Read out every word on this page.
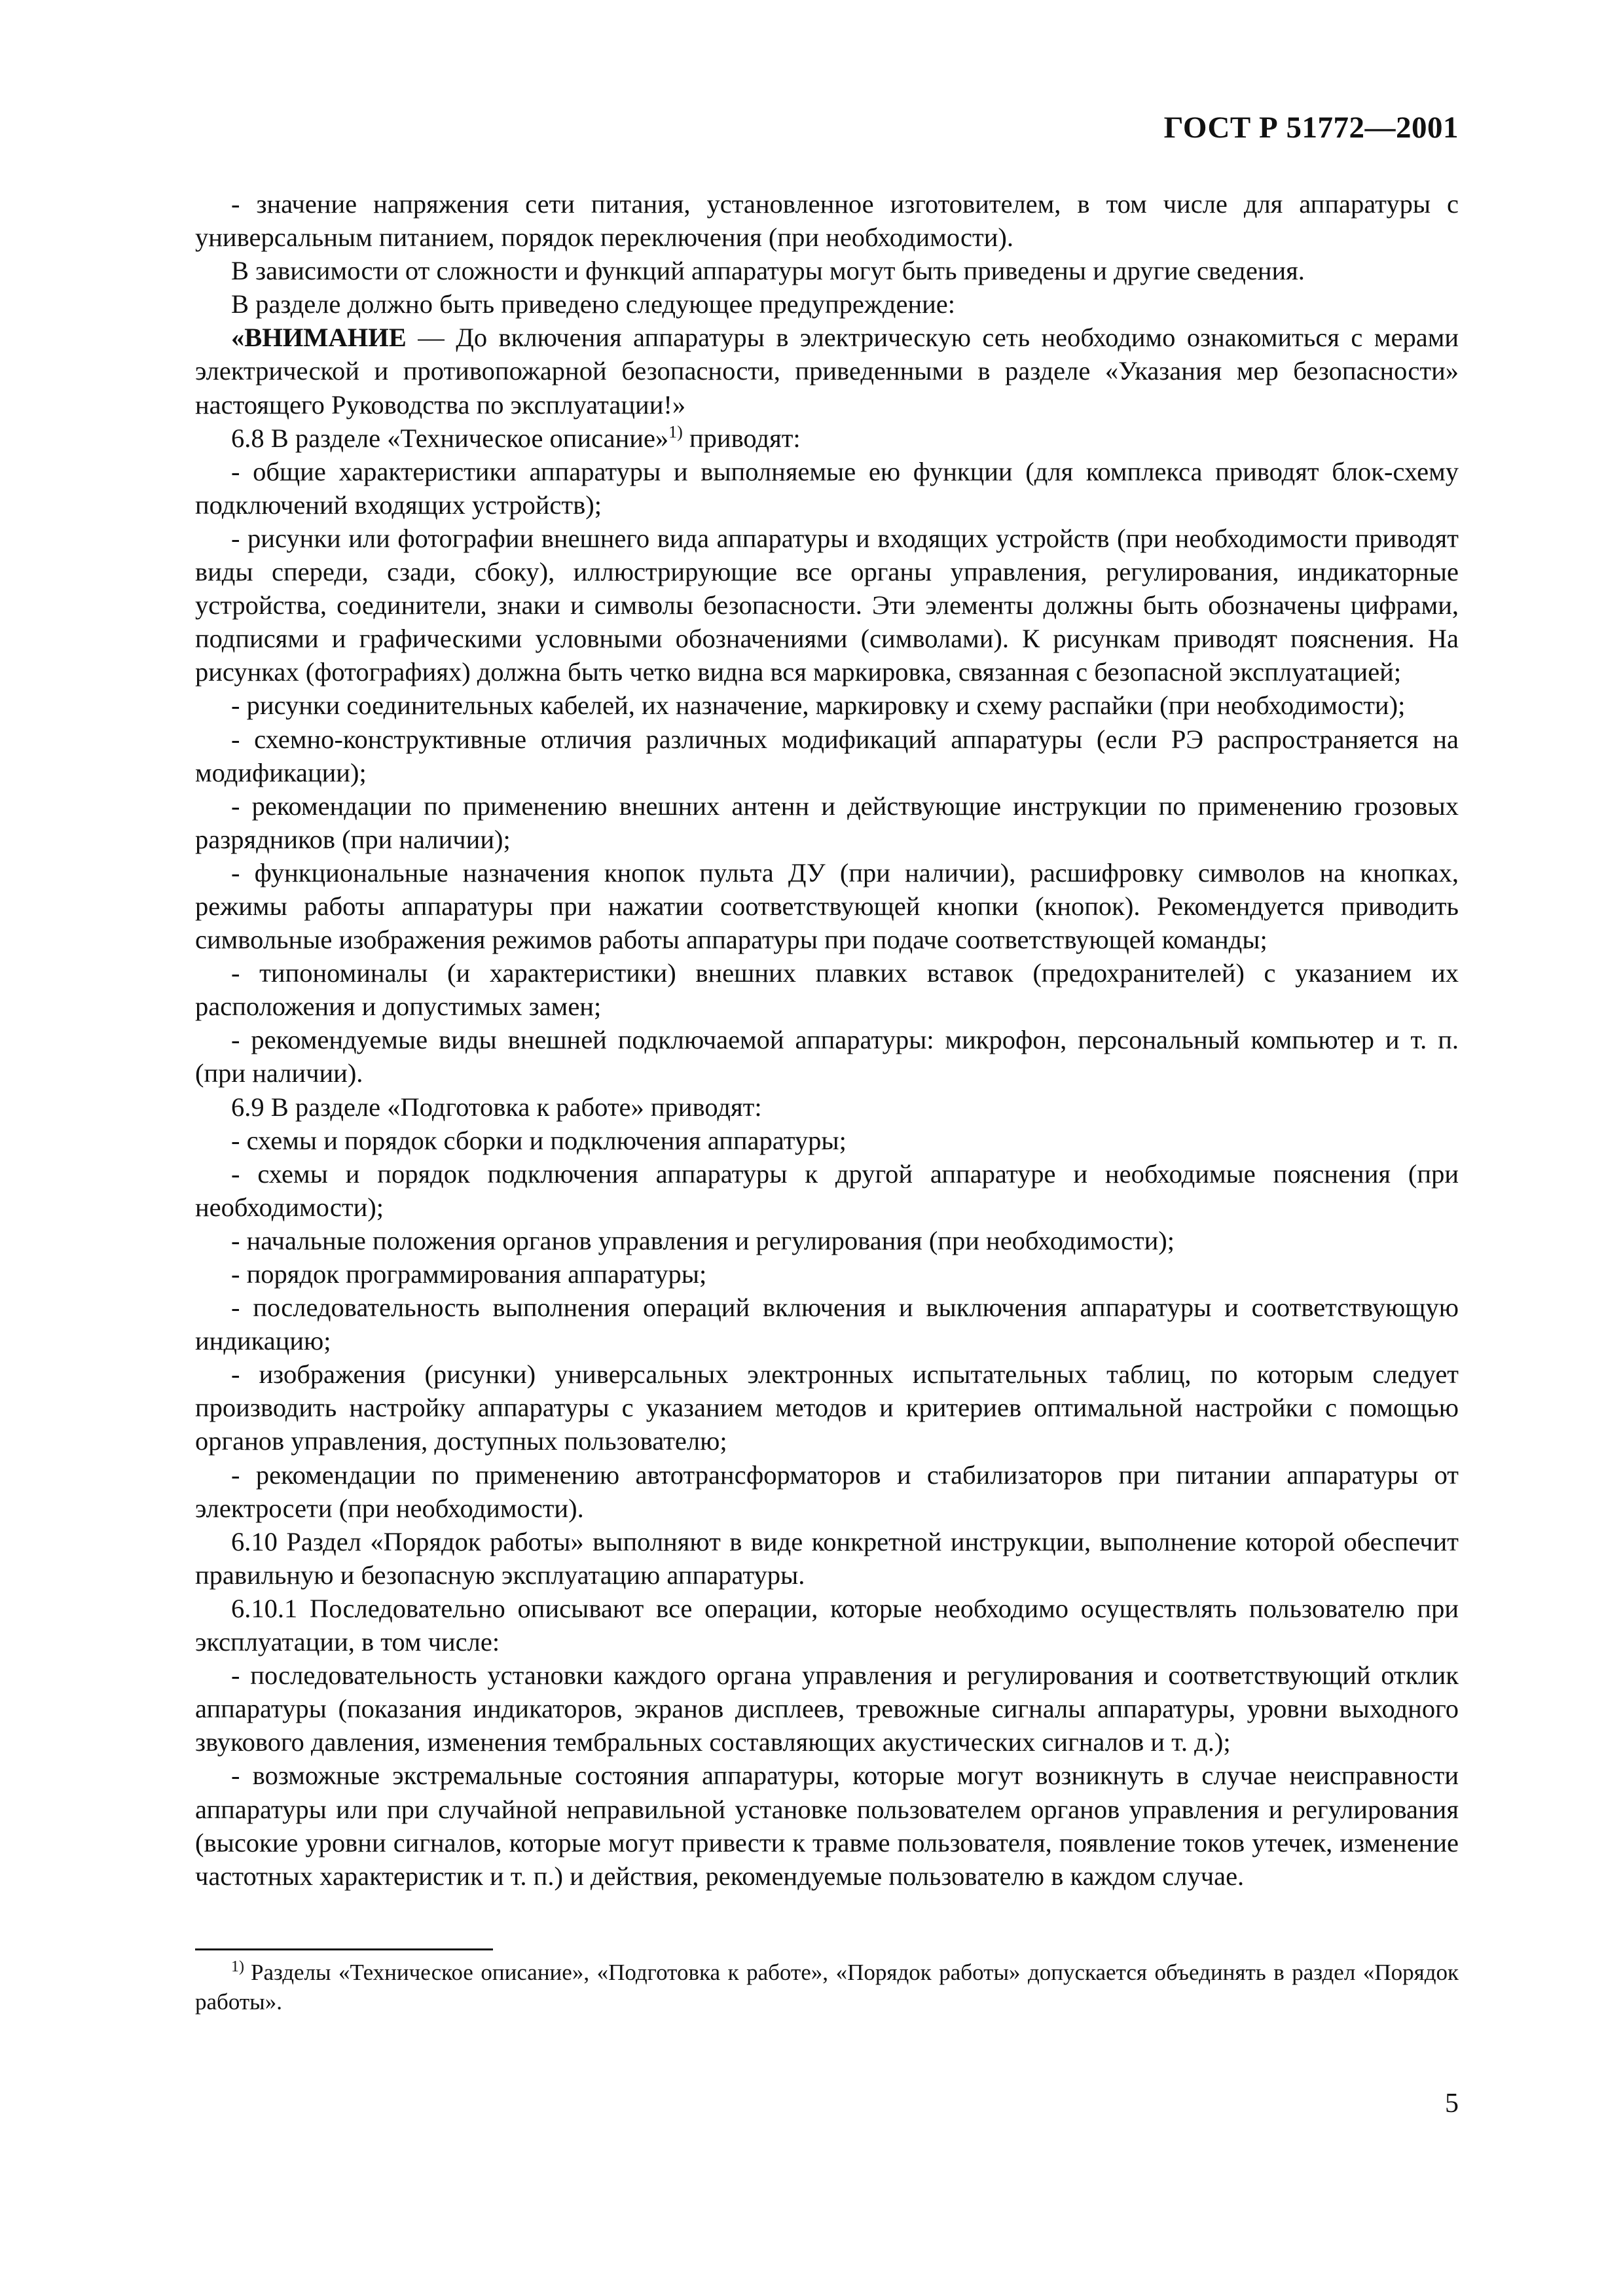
ГОСТ Р 51772—2001

- значение напряжения сети питания, установленное изготовителем, в том числе для аппаратуры с универсальным питанием, порядок переключения (при необходимости).

В зависимости от сложности и функций аппаратуры могут быть приведены и другие сведения.

В разделе должно быть приведено следующее предупреждение:

«ВНИМАНИЕ — До включения аппаратуры в электрическую сеть необходимо ознакомиться с мерами электрической и противопожарной безопасности, приведенными в разделе «Указания мер безопасности» настоящего Руководства по эксплуатации!»

6.8 В разделе «Техническое описание»$^{1)}$ приводят:

- общие характеристики аппаратуры и выполняемые ею функции (для комплекса приводят блок-схему подключений входящих устройств);

- рисунки или фотографии внешнего вида аппаратуры и входящих устройств (при необходимости приводят виды спереди, сзади, сбоку), иллюстрирующие все органы управления, регулирования, индикаторные устройства, соединители, знаки и символы безопасности. Эти элементы должны быть обозначены цифрами, подписями и графическими условными обозначениями (символами). К рисункам приводят пояснения. На рисунках (фотографиях) должна быть четко видна вся маркировка, связанная с безопасной эксплуатацией;

- рисунки соединительных кабелей, их назначение, маркировку и схему распайки (при необходимости);

- схемно-конструктивные отличия различных модификаций аппаратуры (если РЭ распространяется на модификации);

- рекомендации по применению внешних антенн и действующие инструкции по применению грозовых разрядников (при наличии);

- функциональные назначения кнопок пульта ДУ (при наличии), расшифровку символов на кнопках, режимы работы аппаратуры при нажатии соответствующей кнопки (кнопок). Рекомендуется приводить символьные изображения режимов работы аппаратуры при подаче соответствующей команды;

- типономиналы (и характеристики) внешних плавких вставок (предохранителей) с указанием их расположения и допустимых замен;

- рекомендуемые виды внешней подключаемой аппаратуры: микрофон, персональный компьютер и т. п. (при наличии).

6.9 В разделе «Подготовка к работе» приводят:

- схемы и порядок сборки и подключения аппаратуры;

- схемы и порядок подключения аппаратуры к другой аппаратуре и необходимые пояснения (при необходимости);

- начальные положения органов управления и регулирования (при необходимости);

- порядок программирования аппаратуры;

- последовательность выполнения операций включения и выключения аппаратуры и соответствующую индикацию;

- изображения (рисунки) универсальных электронных испытательных таблиц, по которым следует производить настройку аппаратуры с указанием методов и критериев оптимальной настройки с помощью органов управления, доступных пользователю;

- рекомендации по применению автотрансформаторов и стабилизаторов при питании аппаратуры от электросети (при необходимости).

6.10 Раздел «Порядок работы» выполняют в виде конкретной инструкции, выполнение которой обеспечит правильную и безопасную эксплуатацию аппаратуры.

6.10.1 Последовательно описывают все операции, которые необходимо осуществлять пользователю при эксплуатации, в том числе:

- последовательность установки каждого органа управления и регулирования и соответствующий отклик аппаратуры (показания индикаторов, экранов дисплеев, тревожные сигналы аппаратуры, уровни выходного звукового давления, изменения тембральных составляющих акустических сигналов и т. д.);

- возможные экстремальные состояния аппаратуры, которые могут возникнуть в случае неисправности аппаратуры или при случайной неправильной установке пользователем органов управления и регулирования (высокие уровни сигналов, которые могут привести к травме пользователя, появление токов утечек, изменение частотных характеристик и т. п.) и действия, рекомендуемые пользователю в каждом случае.

$^{1)}$ Разделы «Техническое описание», «Подготовка к работе», «Порядок работы» допускается объединять в раздел «Порядок работы».

5
